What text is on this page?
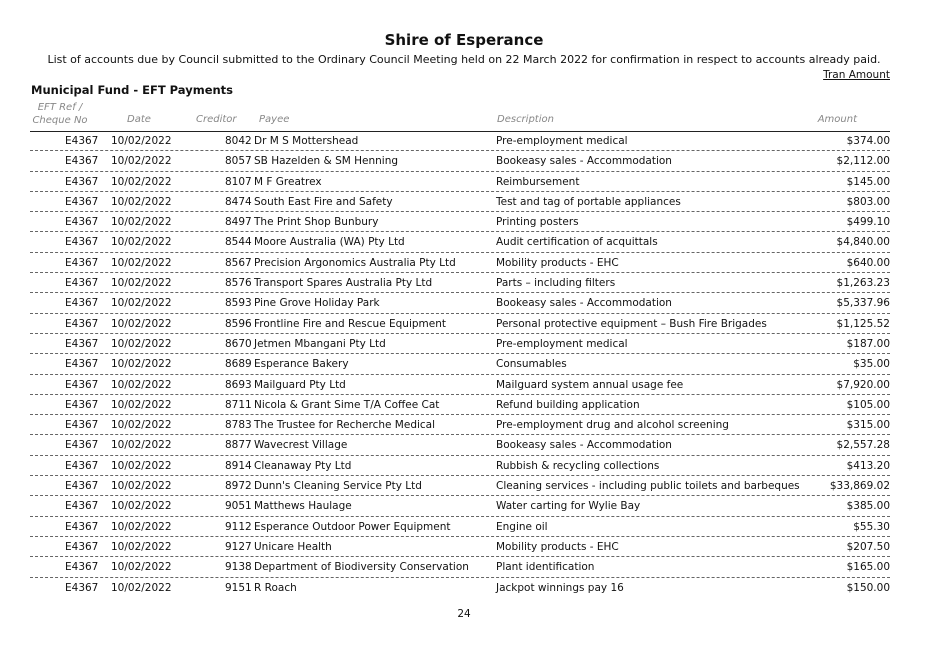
Shire of Esperance
List of accounts due by Council submitted to the Ordinary Council Meeting held on 22 March 2022 for confirmation in respect to accounts already paid.
Tran Amount
Municipal Fund - EFT Payments
EFT Ref /
Cheque No	Date	Creditor Payee	Description	Amount
E4367 10/02/2022	8042 Dr M S Mottershead	Pre-employment medical	$374.00
E4367 10/02/2022	8057 SB Hazelden & SM Henning	Bookeasy sales - Accommodation	$2,112.00
E4367 10/02/2022	8107 M F Greatrex	Reimbursement	$145.00
E4367 10/02/2022	8474 South East Fire and Safety	Test and tag of portable appliances	$803.00
E4367 10/02/2022	8497 The Print Shop Bunbury	Printing posters	$499.10
E4367 10/02/2022	8544 Moore Australia (WA) Pty Ltd	Audit certification of acquittals	$4,840.00
E4367 10/02/2022	8567 Precision Argonomics Australia Pty Ltd	Mobility products - EHC	$640.00
E4367 10/02/2022	8576 Transport Spares Australia Pty Ltd	Parts – including filters	$1,263.23
E4367 10/02/2022	8593 Pine Grove Holiday Park	Bookeasy sales - Accommodation	$5,337.96
E4367 10/02/2022	8596 Frontline Fire and Rescue Equipment	Personal protective equipment – Bush Fire Brigades	$1,125.52
E4367 10/02/2022	8670 Jetmen Mbangani Pty Ltd	Pre-employment medical	$187.00
E4367 10/02/2022	8689 Esperance Bakery	Consumables	$35.00
E4367 10/02/2022	8693 Mailguard Pty Ltd	Mailguard system annual usage fee	$7,920.00
E4367 10/02/2022	8711 Nicola & Grant Sime T/A Coffee Cat	Refund building application	$105.00
E4367 10/02/2022	8783 The Trustee for Recherche Medical	Pre-employment drug and alcohol screening	$315.00
E4367 10/02/2022	8877 Wavecrest Village	Bookeasy sales - Accommodation	$2,557.28
E4367 10/02/2022	8914 Cleanaway Pty Ltd	Rubbish & recycling collections	$413.20
E4367 10/02/2022	8972 Dunn's Cleaning Service Pty Ltd	Cleaning services - including public toilets and barbeques	$33,869.02
E4367 10/02/2022	9051 Matthews Haulage	Water carting for Wylie Bay	$385.00
E4367 10/02/2022	9112 Esperance Outdoor Power Equipment	Engine oil	$55.30
E4367 10/02/2022	9127 Unicare Health	Mobility products - EHC	$207.50
E4367 10/02/2022	9138 Department of Biodiversity Conservation	Plant identification	$165.00
E4367 10/02/2022	9151 R Roach	Jackpot winnings pay 16	$150.00
24
